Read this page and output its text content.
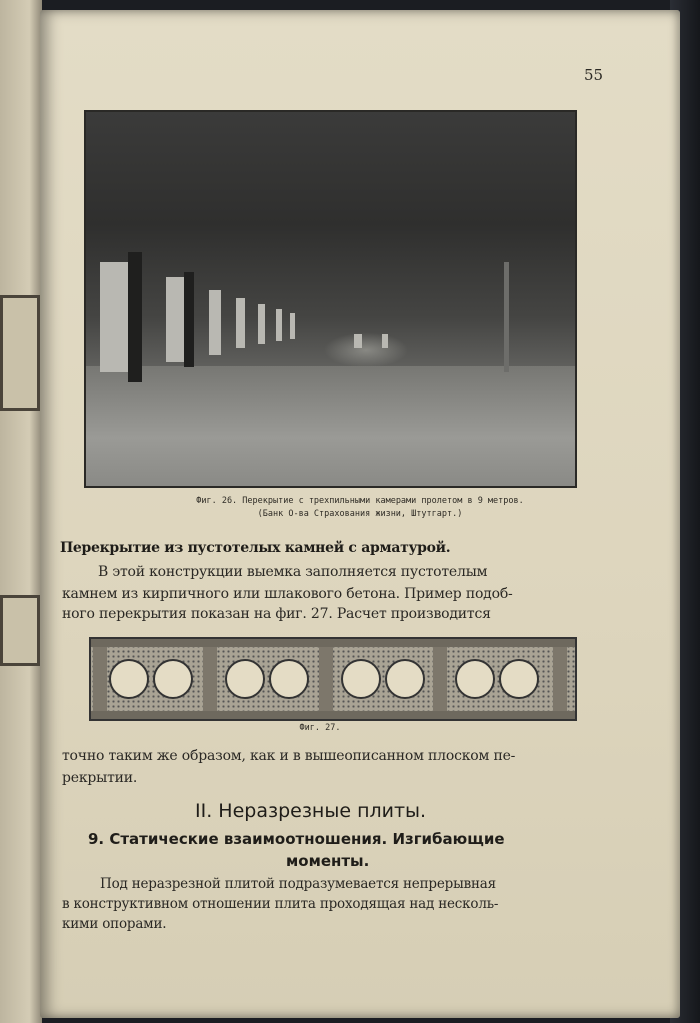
55
Фиг. 26. Перекрытие с трехпильными камерами пролетом в 9 метров.
(Банк О-ва Страхования жизни, Штутгарт.)
Перекрытие из пустотелых камней с арматурой.
В этой конструкции выемка заполняется пустотелым
камнем из кирпичного или шлакового бетона. Пример подоб-
ного перекрытия показан на фиг. 27. Расчет производится
Фиг. 27.
точно таким же образом, как и в вышеописанном плоском пе-
рекрытии.
II. Неразрезные плиты.
9. Статические взаимоотношения. Изгибающие
моменты.
Под неразрезной плитой подразумевается непрерывная
в конструктивном отношении плита проходящая над несколь-
кими опорами.
